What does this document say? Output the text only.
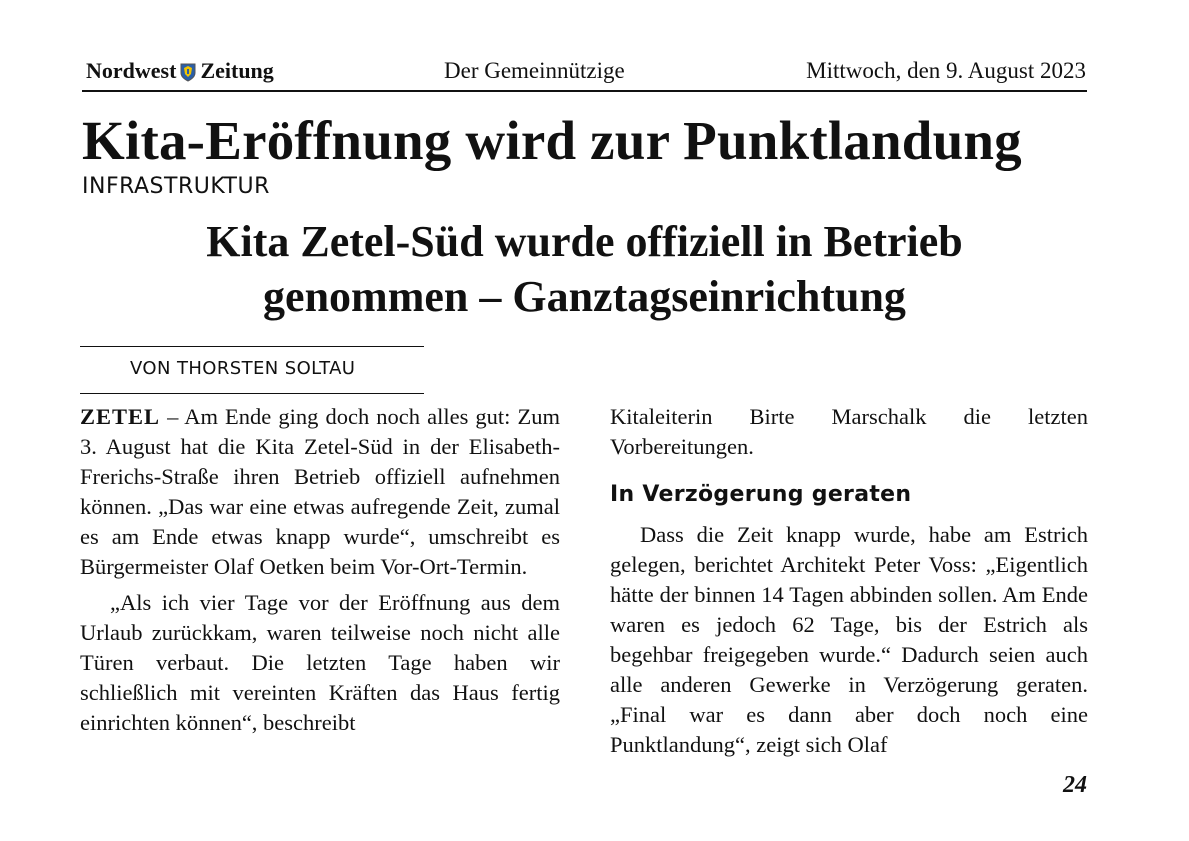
Nordwest Zeitung	Der Gemeinnützige	Mittwoch, den 9. August 2023
Kita-Eröffnung wird zur Punktlandung
INFRASTRUKTUR
Kita Zetel-Süd wurde offiziell in Betrieb
genommen – Ganztagseinrichtung
VON THORSTEN SOLTAU

ZETEL – Am Ende ging doch noch alles gut: Zum 3. August hat die Kita Zetel-Süd in der Elisabeth-Frerichs-Straße ihren Betrieb offiziell aufnehmen können. „Das war eine etwas aufregende Zeit, zumal es am Ende etwas knapp wurde“, umschreibt es Bürgermeister Olaf Oetken beim Vor-Ort-Termin.

„Als ich vier Tage vor der Eröffnung aus dem Urlaub zurückkam, waren teilweise noch nicht alle Türen verbaut. Die letzten Tage haben wir schließlich mit vereinten Kräften das Haus fertig einrichten können“, beschreibt

Kitaleiterin Birte Marschalk die letzten Vorbereitungen.

In Verzögerung geraten

Dass die Zeit knapp wurde, habe am Estrich gelegen, berichtet Architekt Peter Voss: „Eigentlich hätte der binnen 14 Tagen abbinden sollen. Am Ende waren es jedoch 62 Tage, bis der Estrich als begehbar freigegeben wurde.“ Dadurch seien auch alle anderen Gewerke in Verzögerung geraten. „Final war es dann aber doch noch eine Punktlandung“, zeigt sich Olaf

24
